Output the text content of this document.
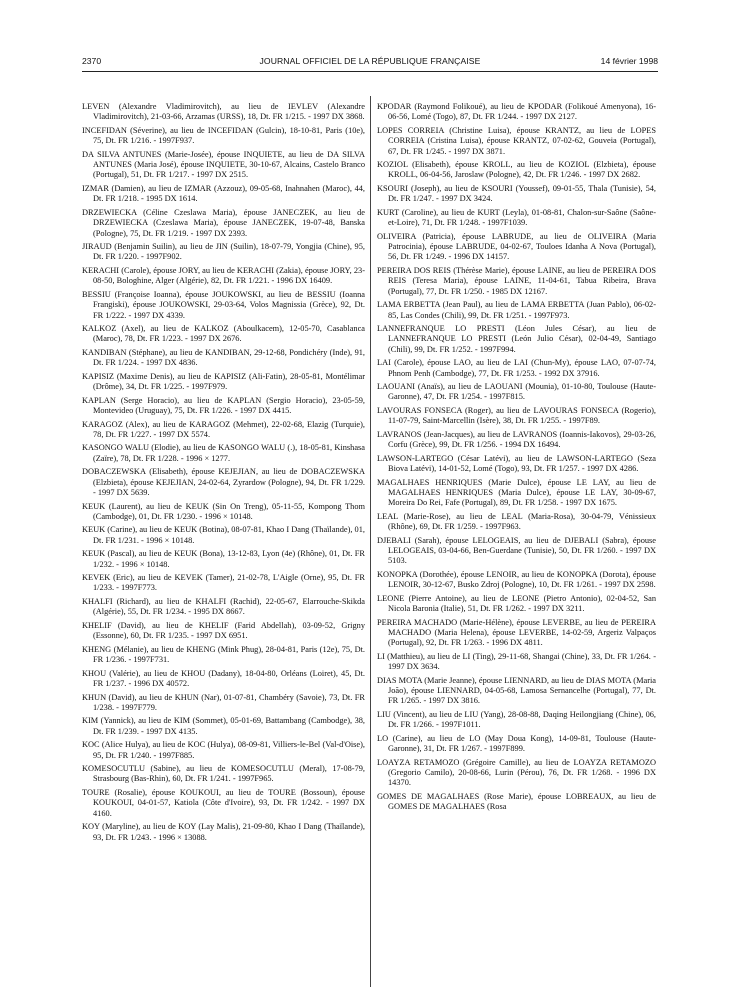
2370	JOURNAL OFFICIEL DE LA RÉPUBLIQUE FRANÇAISE	14 février 1998

LEVEN (Alexandre Vladimirovitch), au lieu de IEVLEV (Alexandre Vladimirovitch), 21-03-66, Arzamas (URSS), 18, Dt. FR 1/215. - 1997 DX 3868.

INCEFIDAN (Séverine), au lieu de INCEFIDAN (Gulcin), 18-10-81, Paris (10e), 75, Dt. FR 1/216. - 1997F937.

DA SILVA ANTUNES (Marie-Josée), épouse INQUIETE, au lieu de DA SILVA ANTUNES (Maria José), épouse INQUIETE, 30-10-67, Alcains, Castelo Branco (Portugal), 51, Dt. FR 1/217. - 1997 DX 2515.

IZMAR (Damien), au lieu de IZMAR (Azzouz), 09-05-68, Inahnahen (Maroc), 44, Dt. FR 1/218. - 1995 DX 1614.

DRZEWIECKA (Céline Czeslawa Maria), épouse JANECZEK, au lieu de DRZEWIECKA (Czeslawa Maria), épouse JANECZEK, 19-07-48, Banska (Pologne), 75, Dt. FR 1/219. - 1997 DX 2393.

JIRAUD (Benjamin Suilin), au lieu de JIN (Suilin), 18-07-79, Yongjia (Chine), 95, Dt. FR 1/220. - 1997F902.

KERACHI (Carole), épouse JORY, au lieu de KERACHI (Zakia), épouse JORY, 23-08-50, Bologhine, Alger (Algérie), 82, Dt. FR 1/221. - 1996 DX 16409.

BESSIU (Françoise Ioanna), épouse JOUKOWSKI, au lieu de BESSIU (Ioanna Frangiski), épouse JOUKOWSKI, 29-03-64, Volos Magnissia (Grèce), 92, Dt. FR 1/222. - 1997 DX 4339.

KALKOZ (Axel), au lieu de KALKOZ (Aboulkacem), 12-05-70, Casablanca (Maroc), 78, Dt. FR 1/223. - 1997 DX 2676.

KANDIBAN (Stéphane), au lieu de KANDIBAN, 29-12-68, Pondichéry (Inde), 91, Dt. FR 1/224. - 1997 DX 4836.

KAPISIZ (Maxime Denis), au lieu de KAPISIZ (Ali-Fatin), 28-05-81, Montélimar (Drôme), 34, Dt. FR 1/225. - 1997F979.

KAPLAN (Serge Horacio), au lieu de KAPLAN (Sergio Horacio), 23-05-59, Montevideo (Uruguay), 75, Dt. FR 1/226. - 1997 DX 4415.

KARAGOZ (Alex), au lieu de KARAGOZ (Mehmet), 22-02-68, Elazig (Turquie), 78, Dt. FR 1/227. - 1997 DX 5574.

KASONGO WALU (Elodie), au lieu de KASONGO WALU (.), 18-05-81, Kinshasa (Zaïre), 78, Dt. FR 1/228. - 1996 × 1277.

DOBACZEWSKA (Elisabeth), épouse KEJEJIAN, au lieu de DOBACZEWSKA (Elzbieta), épouse KEJEJIAN, 24-02-64, Zyrardow (Pologne), 94, Dt. FR 1/229. - 1997 DX 5639.

KEUK (Laurent), au lieu de KEUK (Sin On Treng), 05-11-55, Kompong Thom (Cambodge), 01, Dt. FR 1/230. - 1996 × 10148.

KEUK (Carine), au lieu de KEUK (Botina), 08-07-81, Khao I Dang (Thaïlande), 01, Dt. FR 1/231. - 1996 × 10148.

KEUK (Pascal), au lieu de KEUK (Bona), 13-12-83, Lyon (4e) (Rhône), 01, Dt. FR 1/232. - 1996 × 10148.

KEVEK (Eric), au lieu de KEVEK (Tamer), 21-02-78, L'Aigle (Orne), 95, Dt. FR 1/233. - 1997F773.

KHALFI (Richard), au lieu de KHALFI (Rachid), 22-05-67, Elarrouche-Skikda (Algérie), 55, Dt. FR 1/234. - 1995 DX 8667.

KHELIF (David), au lieu de KHELIF (Farid Abdellah), 03-09-52, Grigny (Essonne), 60, Dt. FR 1/235. - 1997 DX 6951.

KHENG (Mélanie), au lieu de KHENG (Mink Phug), 28-04-81, Paris (12e), 75, Dt. FR 1/236. - 1997F731.

KHOU (Valérie), au lieu de KHOU (Dadany), 18-04-80, Orléans (Loiret), 45, Dt. FR 1/237. - 1996 DX 40572.

KHUN (David), au lieu de KHUN (Nar), 01-07-81, Chambéry (Savoie), 73, Dt. FR 1/238. - 1997F779.

KIM (Yannick), au lieu de KIM (Sommet), 05-01-69, Battambang (Cambodge), 38, Dt. FR 1/239. - 1997 DX 4135.

KOC (Alice Hulya), au lieu de KOC (Hulya), 08-09-81, Villiers-le-Bel (Val-d'Oise), 95, Dt. FR 1/240. - 1997F885.

KOMESOCUTLU (Sabine), au lieu de KOMESOCUTLU (Meral), 17-08-79, Strasbourg (Bas-Rhin), 60, Dt. FR 1/241. - 1997F965.

TOURE (Rosalie), épouse KOUKOUI, au lieu de TOURE (Bossoun), épouse KOUKOUI, 04-01-57, Katiola (Côte d'Ivoire), 93, Dt. FR 1/242. - 1997 DX 4160.

KOY (Maryline), au lieu de KOY (Lay Malis), 21-09-80, Khao I Dang (Thaïlande), 93, Dt. FR 1/243. - 1996 × 13088.

KPODAR (Raymond Folikoué), au lieu de KPODAR (Folikoué Amenyona), 16-06-56, Lomé (Togo), 87, Dt. FR 1/244. - 1997 DX 2127.

LOPES CORREIA (Christine Luisa), épouse KRANTZ, au lieu de LOPES CORREIA (Cristina Luisa), épouse KRANTZ, 07-02-62, Gouveia (Portugal), 67, Dt. FR 1/245. - 1997 DX 3871.

KOZIOL (Elisabeth), épouse KROLL, au lieu de KOZIOL (Elzbieta), épouse KROLL, 06-04-56, Jaroslaw (Pologne), 42, Dt. FR 1/246. - 1997 DX 2682.

KSOURI (Joseph), au lieu de KSOURI (Youssef), 09-01-55, Thala (Tunisie), 54, Dt. FR 1/247. - 1997 DX 3424.

KURT (Caroline), au lieu de KURT (Leyla), 01-08-81, Chalon-sur-Saône (Saône-et-Loire), 71, Dt. FR 1/248. - 1997F1039.

OLIVEIRA (Patricia), épouse LABRUDE, au lieu de OLIVEIRA (Maria Patrocinia), épouse LABRUDE, 04-02-67, Touloes Idanha A Nova (Portugal), 56, Dt. FR 1/249. - 1996 DX 14157.

PEREIRA DOS REIS (Thérèse Marie), épouse LAINE, au lieu de PEREIRA DOS REIS (Teresa Maria), épouse LAINE, 11-04-61, Tabua Ribeira, Brava (Portugal), 77, Dt. FR 1/250. - 1985 DX 12167.

LAMA ERBETTA (Jean Paul), au lieu de LAMA ERBETTA (Juan Pablo), 06-02-85, Las Condes (Chili), 99, Dt. FR 1/251. - 1997F973.

LANNEFRANQUE LO PRESTI (Léon Jules César), au lieu de LANNEFRANQUE LO PRESTI (León Julio César), 02-04-49, Santiago (Chili), 99, Dt. FR 1/252. - 1997F994.

LAI (Carole), épouse LAO, au lieu de LAI (Chun-My), épouse LAO, 07-07-74, Phnom Penh (Cambodge), 77, Dt. FR 1/253. - 1992 DX 37916.

LAOUANI (Anaïs), au lieu de LAOUANI (Mounia), 01-10-80, Toulouse (Haute-Garonne), 47, Dt. FR 1/254. - 1997F815.

LAVOURAS FONSECA (Roger), au lieu de LAVOURAS FONSECA (Rogerio), 11-07-79, Saint-Marcellin (Isère), 38, Dt. FR 1/255. - 1997F89.

LAVRANOS (Jean-Jacques), au lieu de LAVRANOS (Ioannis-Iakovos), 29-03-26, Corfu (Grèce), 99, Dt. FR 1/256. - 1994 DX 16494.

LAWSON-LARTEGO (César Latévi), au lieu de LAWSON-LARTEGO (Seza Biova Latévi), 14-01-52, Lomé (Togo), 93, Dt. FR 1/257. - 1997 DX 4286.

MAGALHAES HENRIQUES (Marie Dulce), épouse LE LAY, au lieu de MAGALHAES HENRIQUES (Maria Dulce), épouse LE LAY, 30-09-67, Moreira Do Rei, Fafe (Portugal), 89, Dt. FR 1/258. - 1997 DX 1675.

LEAL (Marie-Rose), au lieu de LEAL (Maria-Rosa), 30-04-79, Vénissieux (Rhône), 69, Dt. FR 1/259. - 1997F963.

DJEBALI (Sarah), épouse LELOGEAIS, au lieu de DJEBALI (Sabra), épouse LELOGEAIS, 03-04-66, Ben-Guerdane (Tunisie), 50, Dt. FR 1/260. - 1997 DX 5103.

KONOPKA (Dorothée), épouse LENOIR, au lieu de KONOPKA (Dorota), épouse LENOIR, 30-12-67, Busko Zdroj (Pologne), 10, Dt. FR 1/261. - 1997 DX 2598.

LEONE (Pierre Antoine), au lieu de LEONE (Pietro Antonio), 02-04-52, San Nicola Baronia (Italie), 51, Dt. FR 1/262. - 1997 DX 3211.

PEREIRA MACHADO (Marie-Hélène), épouse LEVERBE, au lieu de PEREIRA MACHADO (Maria Helena), épouse LEVERBE, 14-02-59, Argeriz Valpaços (Portugal), 92, Dt. FR 1/263. - 1996 DX 4811.

LI (Matthieu), au lieu de LI (Ting), 29-11-68, Shangai (Chine), 33, Dt. FR 1/264. - 1997 DX 3634.

DIAS MOTA (Marie Jeanne), épouse LIENNARD, au lieu de DIAS MOTA (Maria João), épouse LIENNARD, 04-05-68, Lamosa Sernancelhe (Portugal), 77, Dt. FR 1/265. - 1997 DX 3816.

LIU (Vincent), au lieu de LIU (Yang), 28-08-88, Daqing Heilongjiang (Chine), 06, Dt. FR 1/266. - 1997F1011.

LO (Carine), au lieu de LO (May Doua Kong), 14-09-81, Toulouse (Haute-Garonne), 31, Dt. FR 1/267. - 1997F899.

LOAYZA RETAMOZO (Grégoire Camille), au lieu de LOAYZA RETAMOZO (Gregorio Camilo), 20-08-66, Lurin (Pérou), 76, Dt. FR 1/268. - 1996 DX 14370.

GOMES DE MAGALHAES (Rose Marie), épouse LOBREAUX, au lieu de GOMES DE MAGALHAES (Rosa
